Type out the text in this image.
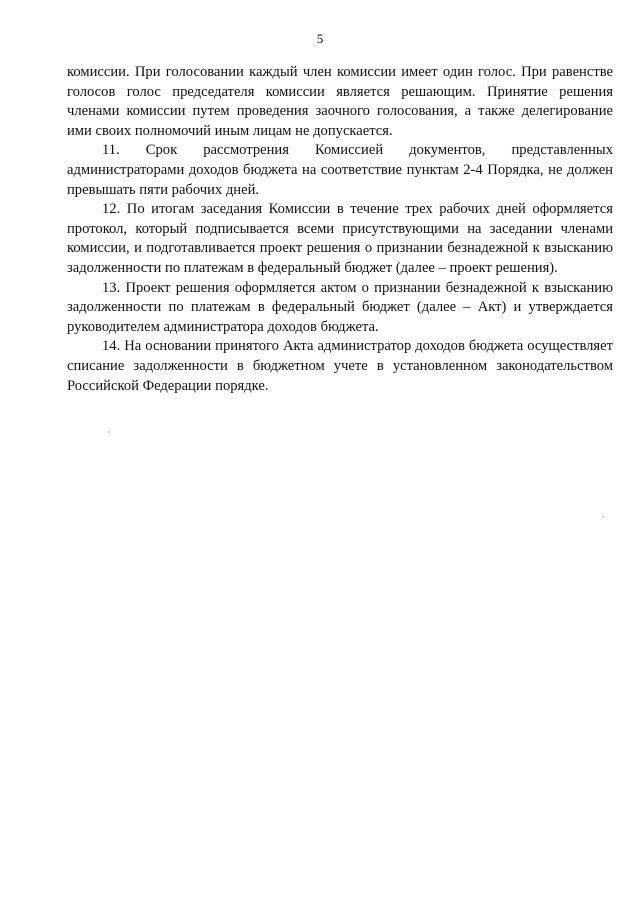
5

комиссии. При голосовании каждый член комиссии имеет один голос. При равенстве голосов голос председателя комиссии является решающим. Принятие решения членами комиссии путем проведения заочного голосования, а также делегирование ими своих полномочий иным лицам не допускается.

11. Срок рассмотрения Комиссией документов, представленных администраторами доходов бюджета на соответствие пунктам 2-4 Порядка, не должен превышать пяти рабочих дней.

12. По итогам заседания Комиссии в течение трех рабочих дней оформляется протокол, который подписывается всеми присутствующими на заседании членами комиссии, и подготавливается проект решения о признании безнадежной к взысканию задолженности по платежам в федеральный бюджет (далее – проект решения).

13. Проект решения оформляется актом о признании безнадежной к взысканию задолженности по платежам в федеральный бюджет (далее – Акт) и утверждается руководителем администратора доходов бюджета.

14. На основании принятого Акта администратор доходов бюджета осуществляет списание задолженности в бюджетном учете в установленном законодательством Российской Федерации порядке.
